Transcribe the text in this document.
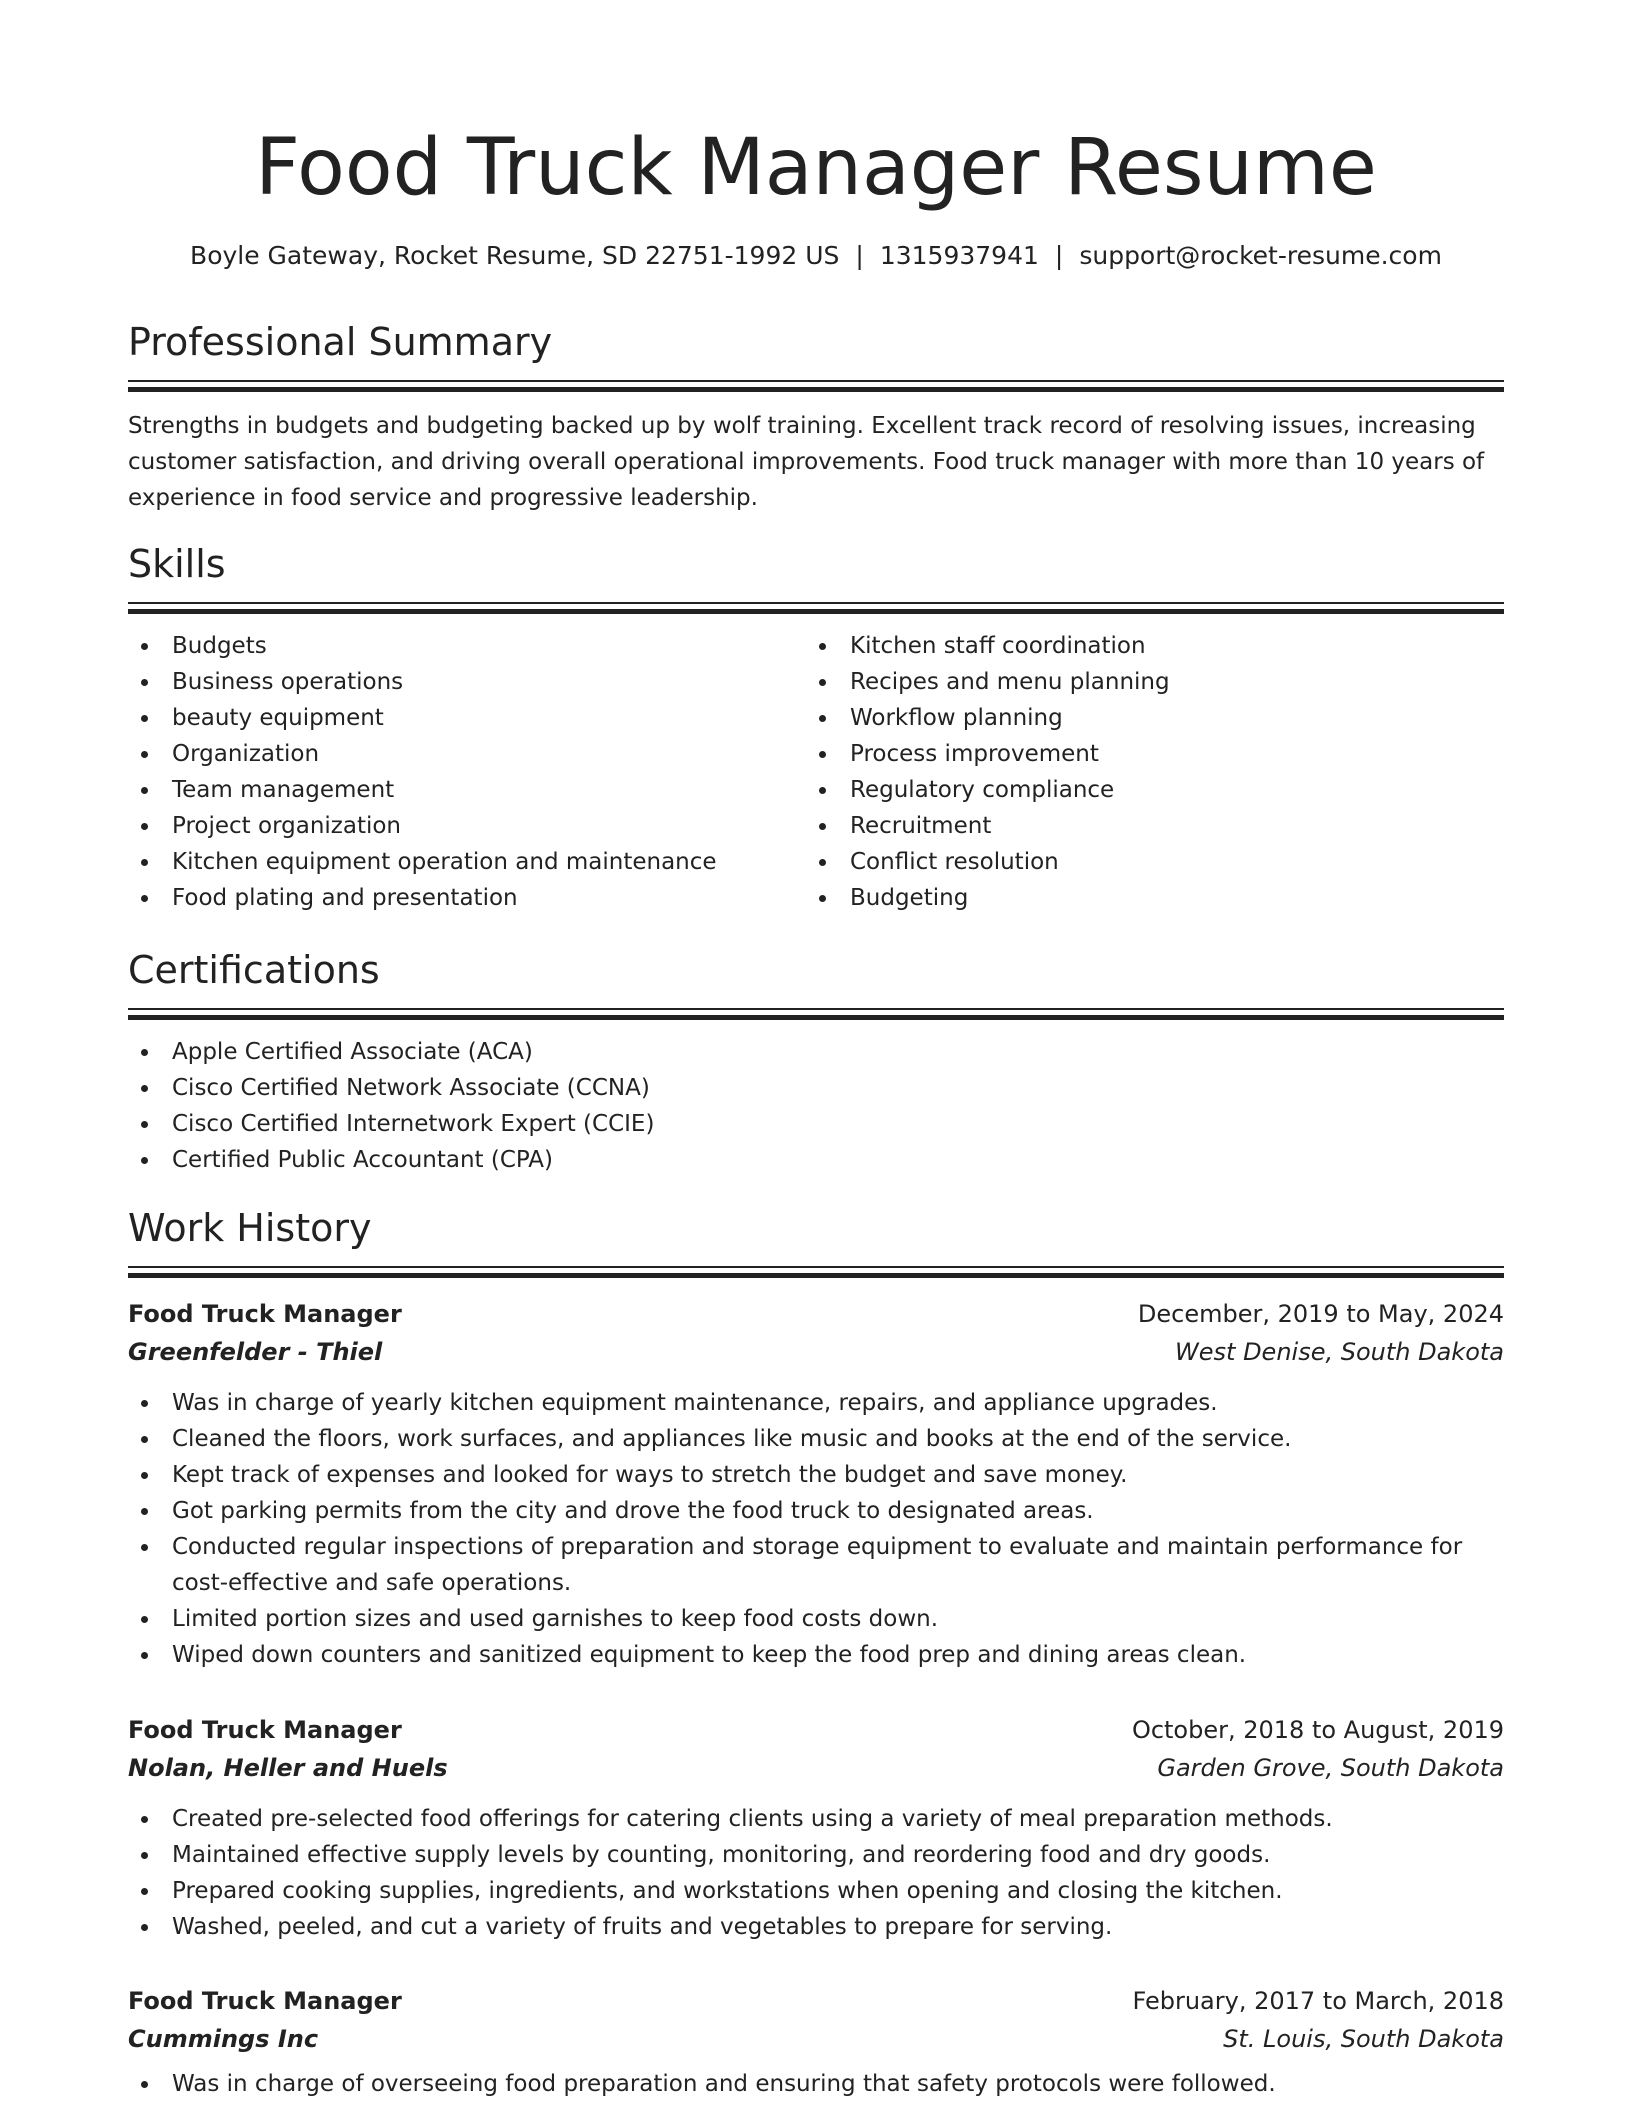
Food Truck Manager Resume
Boyle Gateway, Rocket Resume, SD 22751-1992 US | 1315937941 | support@rocket-resume.com
Professional Summary

Strengths in budgets and budgeting backed up by wolf training. Excellent track record of resolving issues, increasing customer satisfaction, and driving overall operational improvements. Food truck manager with more than 10 years of experience in food service and progressive leadership.

Skills
Budgets
Business operations
beauty equipment
Organization
Team management
Project organization
Kitchen equipment operation and maintenance
Food plating and presentation
Kitchen staff coordination
Recipes and menu planning
Workflow planning
Process improvement
Regulatory compliance
Recruitment
Conflict resolution
Budgeting
Certifications
Apple Certified Associate (ACA)
Cisco Certified Network Associate (CCNA)
Cisco Certified Internetwork Expert (CCIE)
Certified Public Accountant (CPA)
Work History
Food Truck Manager	December, 2019 to May, 2024
Greenfelder - Thiel	West Denise, South Dakota
Was in charge of yearly kitchen equipment maintenance, repairs, and appliance upgrades.
Cleaned the floors, work surfaces, and appliances like music and books at the end of the service.
Kept track of expenses and looked for ways to stretch the budget and save money.
Got parking permits from the city and drove the food truck to designated areas.
Conducted regular inspections of preparation and storage equipment to evaluate and maintain performance for cost-effective and safe operations.
Limited portion sizes and used garnishes to keep food costs down.
Wiped down counters and sanitized equipment to keep the food prep and dining areas clean.
Food Truck Manager	October, 2018 to August, 2019
Nolan, Heller and Huels	Garden Grove, South Dakota
Created pre-selected food offerings for catering clients using a variety of meal preparation methods.
Maintained effective supply levels by counting, monitoring, and reordering food and dry goods.
Prepared cooking supplies, ingredients, and workstations when opening and closing the kitchen.
Washed, peeled, and cut a variety of fruits and vegetables to prepare for serving.
Food Truck Manager	February, 2017 to March, 2018
Cummings Inc	St. Louis, South Dakota
Was in charge of overseeing food preparation and ensuring that safety protocols were followed.
